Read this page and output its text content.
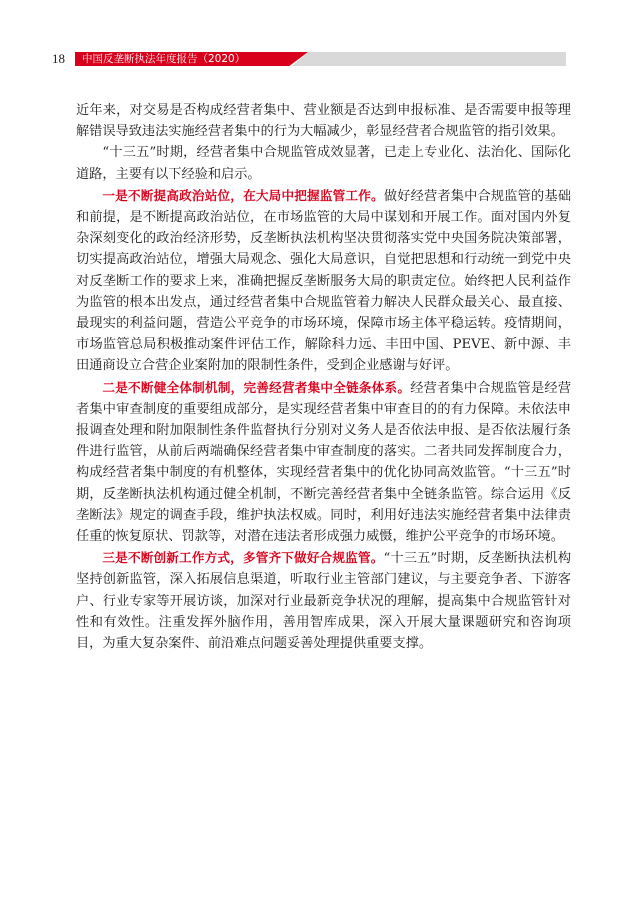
18	中国反垄断执法年度报告（2020）

近年来，对交易是否构成经营者集中、营业额是否达到申报标准、是否需要申报等理解错误导致违法实施经营者集中的行为大幅减少，彰显经营者合规监管的指引效果。

“十三五”时期，经营者集中合规监管成效显著，已走上专业化、法治化、国际化道路，主要有以下经验和启示。

一是不断提高政治站位，在大局中把握监管工作。做好经营者集中合规监管的基础和前提，是不断提高政治站位，在市场监管的大局中谋划和开展工作。面对国内外复杂深刻变化的政治经济形势，反垄断执法机构坚决贯彻落实党中央国务院决策部署，切实提高政治站位，增强大局观念、强化大局意识，自觉把思想和行动统一到党中央对反垄断工作的要求上来，准确把握反垄断服务大局的职责定位。始终把人民利益作为监管的根本出发点，通过经营者集中合规监管着力解决人民群众最关心、最直接、最现实的利益问题，营造公平竞争的市场环境，保障市场主体平稳运转。疫情期间，市场监管总局积极推动案件评估工作，解除科力远、丰田中国、PEVE、新中源、丰田通商设立合营企业案附加的限制性条件，受到企业感谢与好评。

二是不断健全体制机制，完善经营者集中全链条体系。经营者集中合规监管是经营者集中审查制度的重要组成部分，是实现经营者集中审查目的的有力保障。未依法申报调查处理和附加限制性条件监督执行分别对义务人是否依法申报、是否依法履行条件进行监管，从前后两端确保经营者集中审查制度的落实。二者共同发挥制度合力，构成经营者集中制度的有机整体，实现经营者集中的优化协同高效监管。“十三五”时期，反垄断执法机构通过健全机制，不断完善经营者集中全链条监管。综合运用《反垄断法》规定的调查手段，维护执法权威。同时，利用好违法实施经营者集中法律责任重的恢复原状、罚款等，对潜在违法者形成强力威慑，维护公平竞争的市场环境。

三是不断创新工作方式，多管齐下做好合规监管。“十三五”时期，反垄断执法机构坚持创新监管，深入拓展信息渠道，听取行业主管部门建议，与主要竞争者、下游客户、行业专家等开展访谈，加深对行业最新竞争状况的理解，提高集中合规监管针对性和有效性。注重发挥外脑作用，善用智库成果，深入开展大量课题研究和咨询项目，为重大复杂案件、前沿难点问题妥善处理提供重要支撑。
